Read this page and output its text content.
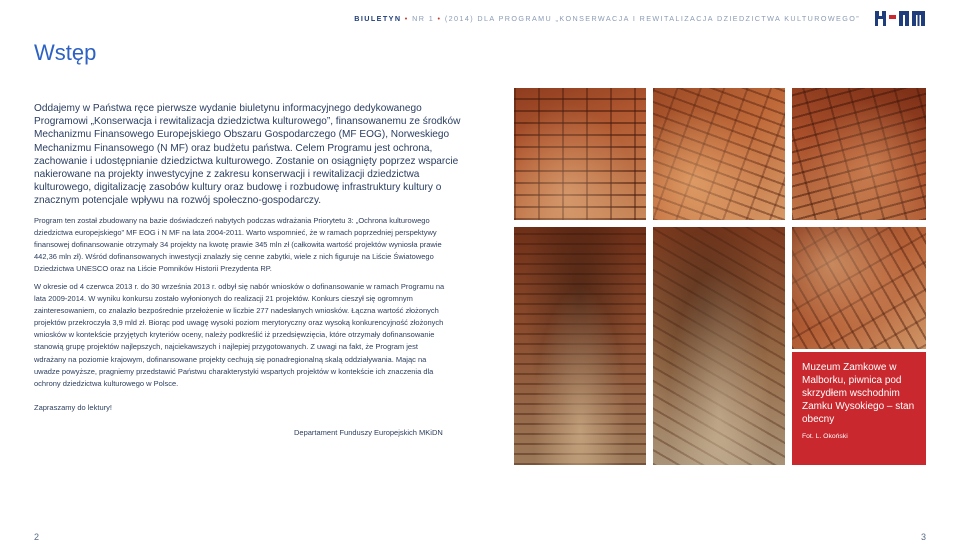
BIULETYN • NR 1 • (2014) DLA PROGRAMU „KONSERWACJA I REWITALIZACJA DZIEDZICTWA KULTUROWEGO”
Wstęp

Oddajemy w Państwa ręce pierwsze wydanie biuletynu informacyjnego dedykowanego Programowi „Konserwacja i rewitalizacja dziedzictwa kulturowego”, finansowanemu ze środków Mechanizmu Finansowego Europejskiego Obszaru Gospodarczego (MF EOG), Norweskiego Mechanizmu Finansowego (N MF) oraz budżetu państwa. Celem Programu jest ochrona, zachowanie i udostępnianie dziedzictwa kulturowego. Zostanie on osiągnięty poprzez wsparcie nakierowane na projekty inwestycyjne z zakresu konserwacji i rewitalizacji dziedzictwa kulturowego, digitalizację zasobów kultury oraz budowę i rozbudowę infrastruktury kultury o znacznym potencjale wpływu na rozwój społeczno-gospodarczy.

Program ten został zbudowany na bazie doświadczeń nabytych podczas wdrażania Priorytetu 3: „Ochrona kulturowego dziedzictwa europejskiego” MF EOG i N MF na lata 2004-2011. Warto wspomnieć, że w ramach poprzedniej perspektywy finansowej dofinansowanie otrzymały 34 projekty na kwotę prawie 345 mln zł (całkowita wartość projektów wyniosła prawie 442,36 mln zł). Wśród dofinansowanych inwestycji znalazły się cenne zabytki, wiele z nich figuruje na Liście Światowego Dziedzictwa UNESCO oraz na Liście Pomników Historii Prezydenta RP.

W okresie od 4 czerwca 2013 r. do 30 września 2013 r. odbył się nabór wniosków o dofinansowanie w ramach Programu na lata 2009-2014. W wyniku konkursu zostało wyłonionych do realizacji 21 projektów. Konkurs cieszył się ogromnym zainteresowaniem, co znalazło bezpośrednie przełożenie w liczbie 277 nadesłanych wniosków. Łączna wartość złożonych projektów przekroczyła 3,9 mld zł. Biorąc pod uwagę wysoki poziom merytoryczny oraz wysoką konkurencyjność złożonych wniosków w kontekście przyjętych kryteriów oceny, należy podkreślić iż przedsięwzięcia, które otrzymały dofinansowanie stanowią grupę projektów najlepszych, najciekawszych i najlepiej przygotowanych. Z uwagi na fakt, że Program jest wdrażany na poziomie krajowym, dofinansowane projekty cechują się ponadregionalną skalą oddziaływania. Mając na uwadze powyższe, pragniemy przedstawić Państwu charakterystyki wspartych projektów w kontekście ich znaczenia dla ochrony dziedzictwa kulturowego w Polsce.

Zapraszamy do lektury!

Departament Funduszy Europejskich MKiDN
2

Muzeum Zamkowe w Malborku, piwnica pod skrzydłem wschodnim Zamku Wysokiego – stan obecny

Fot. L. Okoński

3
